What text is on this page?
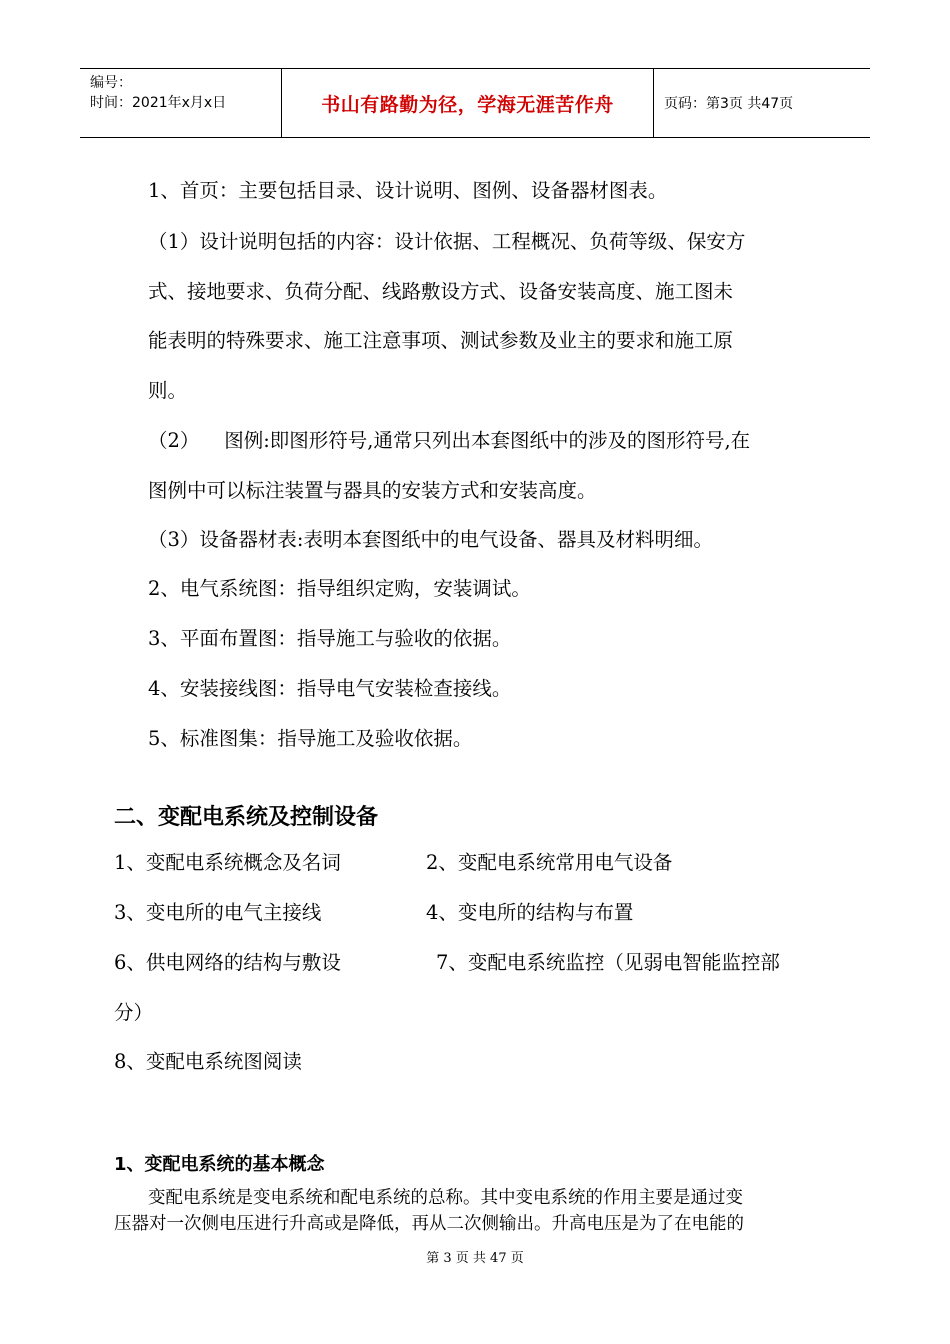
编号：
时间：2021年x月x日	书山有路勤为径，学海无涯苦作舟	页码：第3页 共47页
1、首页：主要包括目录、设计说明、图例、设备器材图表。
（1）设计说明包括的内容：设计依据、工程概况、负荷等级、保安方
式、接地要求、负荷分配、线路敷设方式、设备安装高度、施工图未
能表明的特殊要求、施工注意事项、测试参数及业主的要求和施工原
则。
（2）    图例:即图形符号,通常只列出本套图纸中的涉及的图形符号,在
图例中可以标注装置与器具的安装方式和安装高度。
（3）设备器材表:表明本套图纸中的电气设备、器具及材料明细。
2、电气系统图：指导组织定购，安装调试。
3、平面布置图：指导施工与验收的依据。
4、安装接线图：指导电气安装检查接线。
5、标准图集：指导施工及验收依据。
二、变配电系统及控制设备
1、变配电系统概念及名词	2、变配电系统常用电气设备
3、变电所的电气主接线	4、变电所的结构与布置
6、供电网络的结构与敷设	7、变配电系统监控（见弱电智能监控部
分）
8、变配电系统图阅读
1、变配电系统的基本概念
变配电系统是变电系统和配电系统的总称。其中变电系统的作用主要是通过变
压器对一次侧电压进行升高或是降低，再从二次侧输出。升高电压是为了在电能的
第 3 页 共 47 页
